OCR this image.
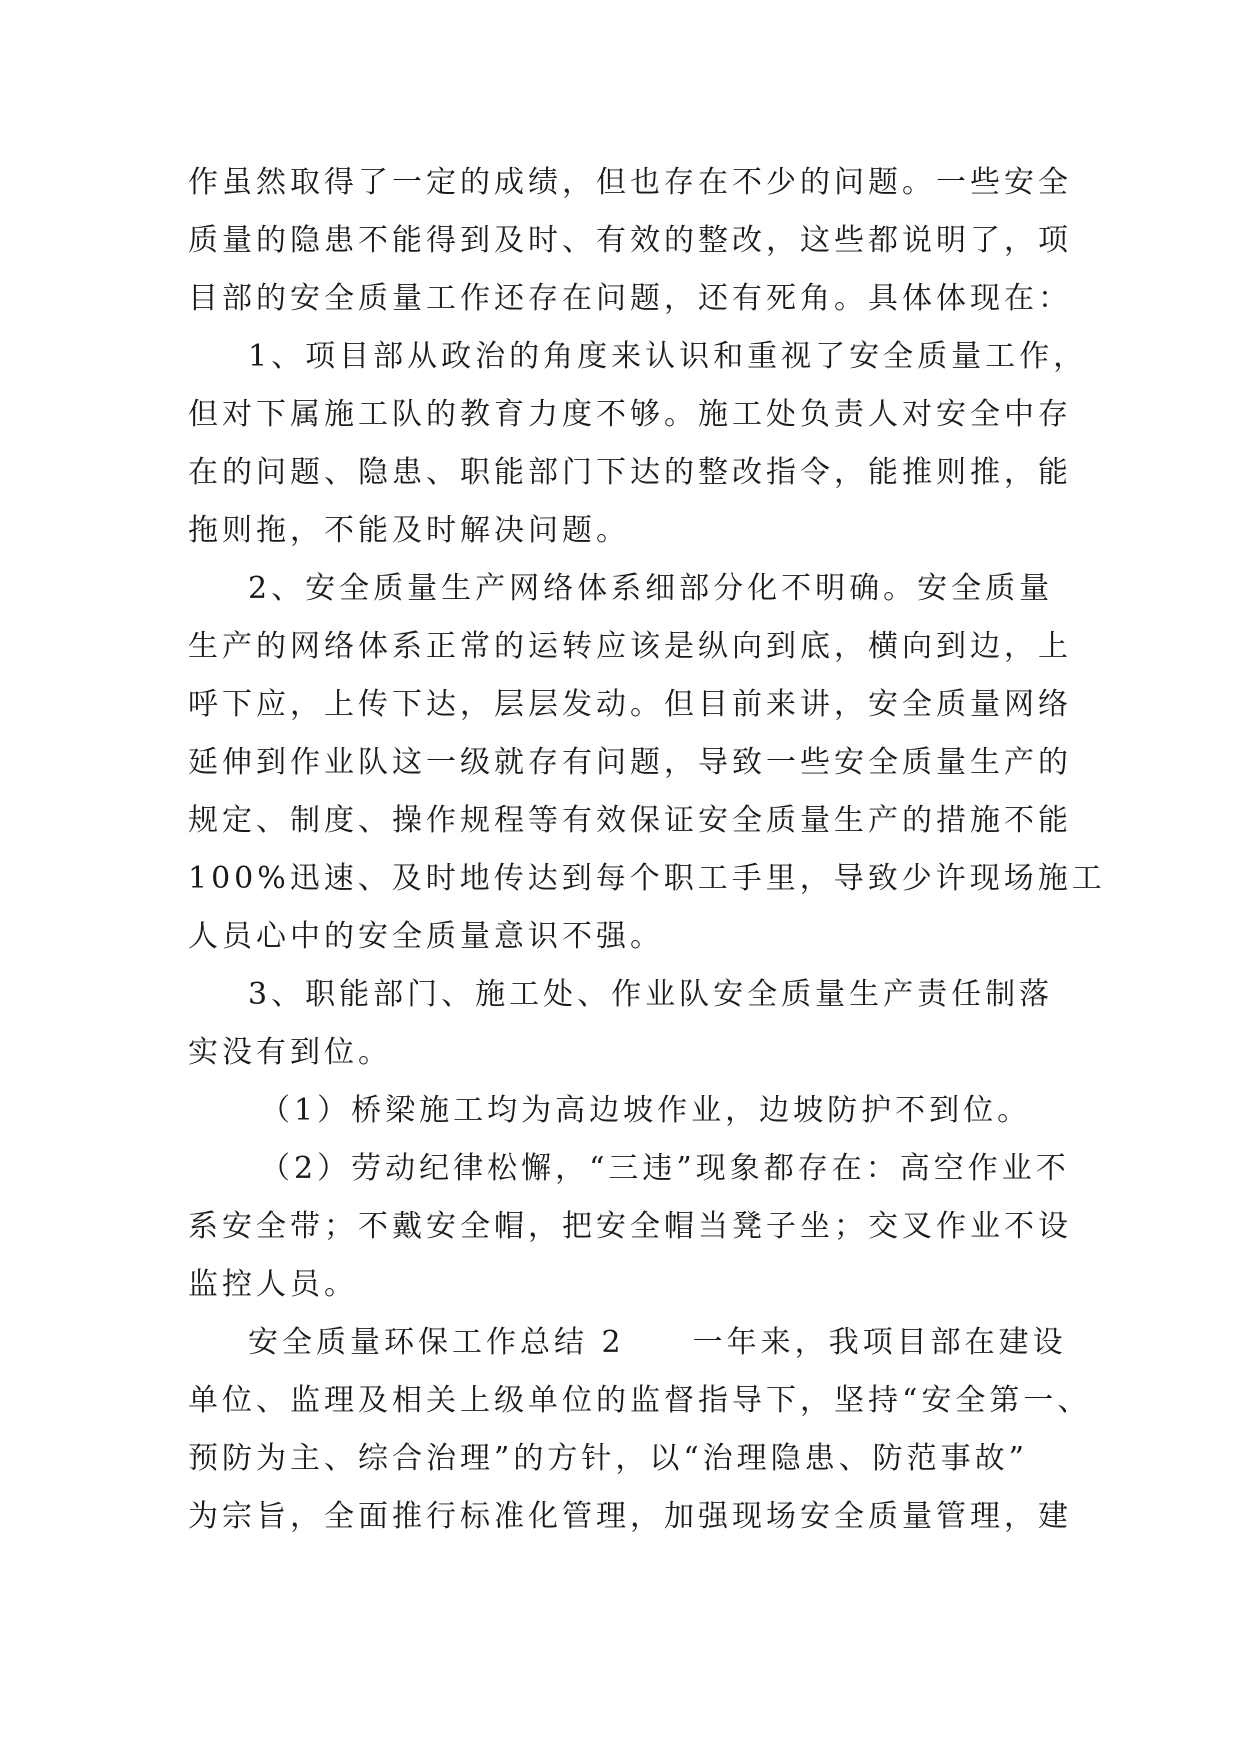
作虽然取得了一定的成绩，但也存在不少的问题。一些安全
质量的隐患不能得到及时、有效的整改，这些都说明了，项
目部的安全质量工作还存在问题，还有死角。具体体现在：
1、项目部从政治的角度来认识和重视了安全质量工作，
但对下属施工队的教育力度不够。施工处负责人对安全中存
在的问题、隐患、职能部门下达的整改指令，能推则推，能
拖则拖，不能及时解决问题。
2、安全质量生产网络体系细部分化不明确。安全质量
生产的网络体系正常的运转应该是纵向到底，横向到边，上
呼下应，上传下达，层层发动。但目前来讲，安全质量网络
延伸到作业队这一级就存有问题，导致一些安全质量生产的
规定、制度、操作规程等有效保证安全质量生产的措施不能
100%迅速、及时地传达到每个职工手里，导致少许现场施工
人员心中的安全质量意识不强。
3、职能部门、施工处、作业队安全质量生产责任制落
实没有到位。
（1）桥梁施工均为高边坡作业，边坡防护不到位。
（2）劳动纪律松懈，“三违”现象都存在：高空作业不
系安全带；不戴安全帽，把安全帽当凳子坐；交叉作业不设
监控人员。
安全质量环保工作总结 2　　一年来，我项目部在建设
单位、监理及相关上级单位的监督指导下，坚持“安全第一、
预防为主、综合治理”的方针，以“治理隐患、防范事故”
为宗旨，全面推行标准化管理，加强现场安全质量管理，建
